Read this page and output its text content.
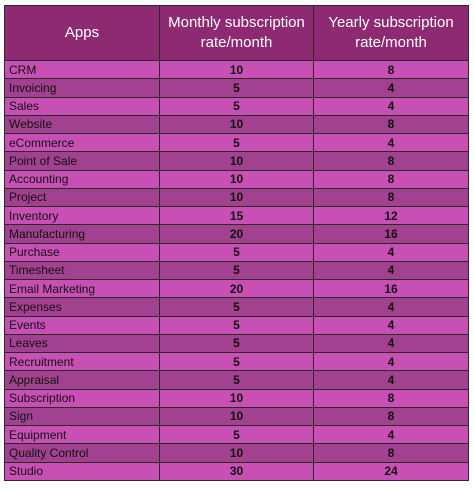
Apps	Monthly subscription rate/month	Yearly subscription rate/month
CRM	10	8
Invoicing	5	4
Sales	5	4
Website	10	8
eCommerce	5	4
Point of Sale	10	8
Accounting	10	8
Project	10	8
Inventory	15	12
Manufacturing	20	16
Purchase	5	4
Timesheet	5	4
Email Marketing	20	16
Expenses	5	4
Events	5	4
Leaves	5	4
Recruitment	5	4
Appraisal	5	4
Subscription	10	8
Sign	10	8
Equipment	5	4
Quality Control	10	8
Studio	30	24
